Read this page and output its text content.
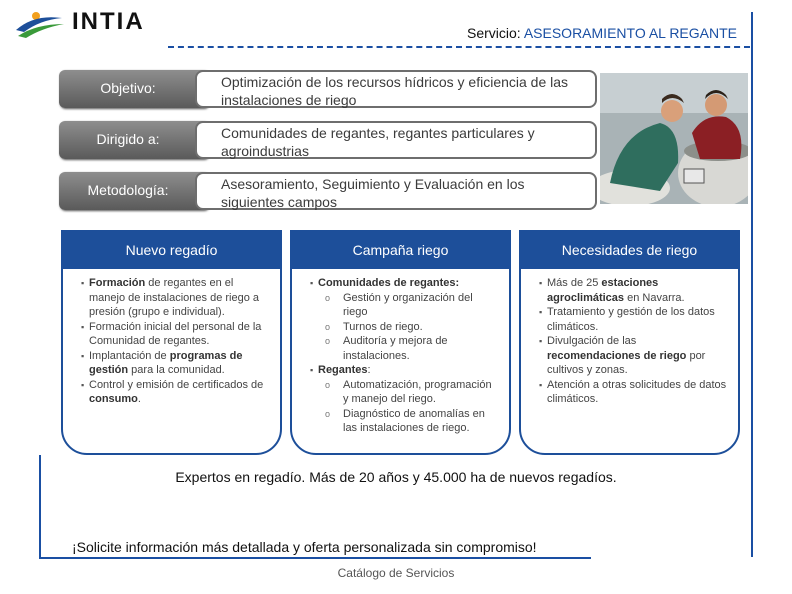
INTIA	Servicio: ASESORAMIENTO AL REGANTE
Objetivo:	Optimización de los recursos hídricos y eficiencia de las instalaciones de riego
Dirigido a:	Comunidades de regantes, regantes particulares y agroindustrias
Metodología:	Asesoramiento, Seguimiento y Evaluación en los siguientes campos
Nuevo regadío
▪ Formación de regantes en el manejo de instalaciones de riego a presión (grupo e individual).
▪ Formación inicial del personal de la Comunidad de regantes.
▪ Implantación de programas de gestión para la comunidad.
▪ Control y emisión de certificados de consumo.
Campaña riego
▪ Comunidades de regantes:
o Gestión y organización del riego
o Turnos de riego.
o Auditoría y mejora de instalaciones.
▪ Regantes:
o Automatización, programación y manejo del riego.
o Diagnóstico de anomalías en las instalaciones de riego.
Necesidades de riego
▪ Más de 25 estaciones agroclimáticas en Navarra.
▪ Tratamiento y gestión de los datos climáticos.
▪ Divulgación de las recomendaciones de riego por cultivos y zonas.
▪ Atención a otras solicitudes de datos climáticos.
Expertos en regadío. Más de 20 años y 45.000 ha de nuevos regadíos.
¡Solicite información más detallada y oferta personalizada sin compromiso!
Catálogo de Servicios
